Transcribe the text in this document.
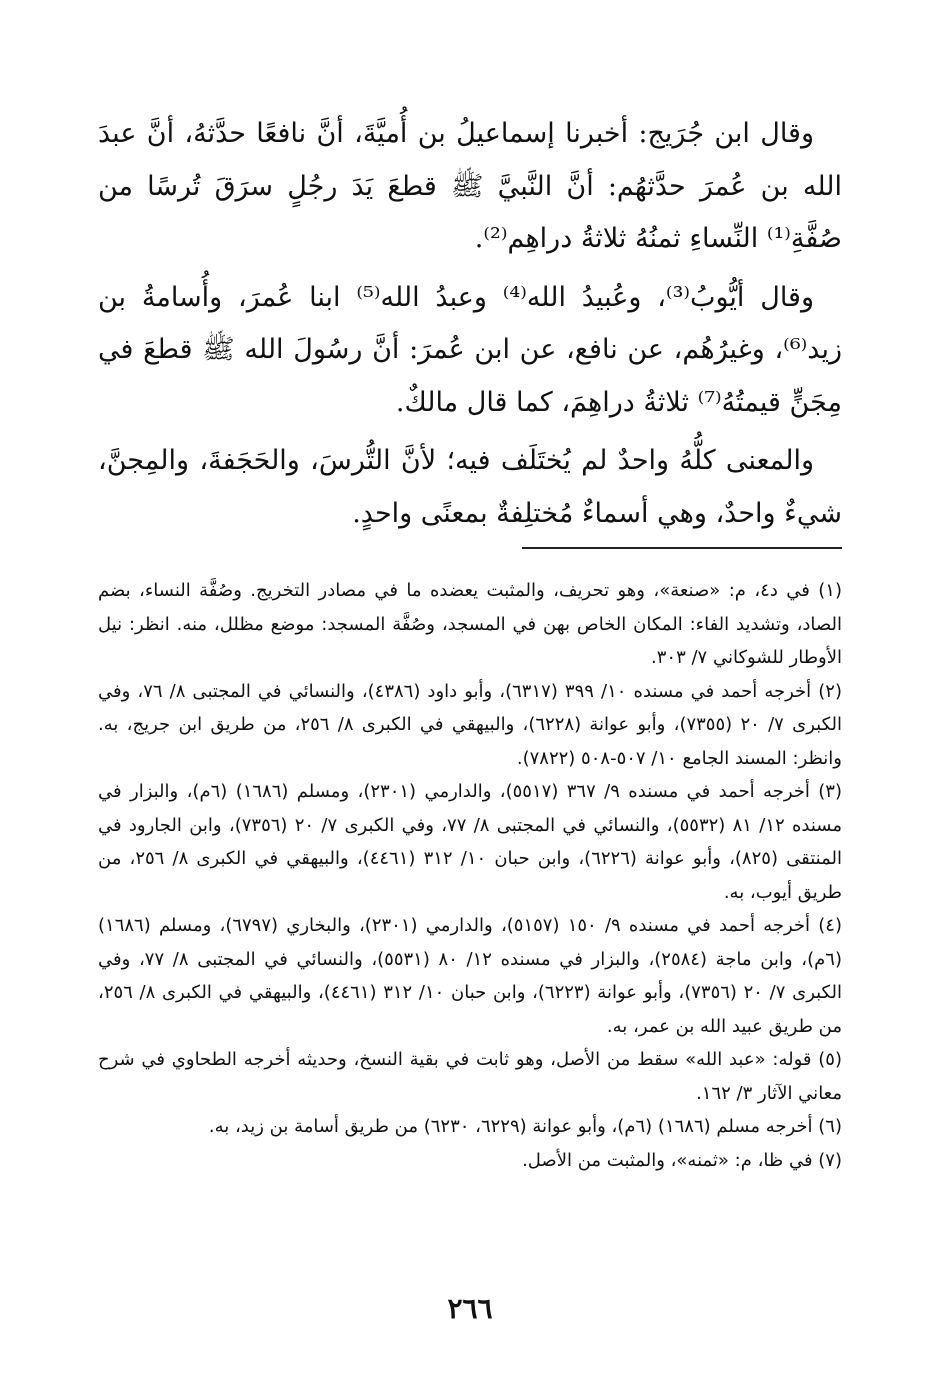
وقال ابن جُرَيج: أخبرنا إسماعيلُ بن أُميَّةَ، أنَّ نافعًا حدَّثهُ، أنَّ عبدَ الله بن عُمرَ حدَّثهُم: أنَّ النَّبيَّ ﷺ قطعَ يَدَ رجُلٍ سرَقَ تُرسًا من صُفَّةِ⁽¹⁾ النِّساءِ ثمنُهُ ثلاثةُ دراهِم⁽²⁾.

وقال أيُّوبُ⁽³⁾، وعُبيدُ الله⁽⁴⁾ وعبدُ الله⁽⁵⁾ ابنا عُمرَ، وأُسامةُ بن زيد⁽⁶⁾، وغيرُهُم، عن نافع، عن ابن عُمرَ: أنَّ رسُولَ الله ﷺ قطعَ في مِجَنٍّ قيمتُهُ⁽⁷⁾ ثلاثةُ دراهِمَ، كما قال مالكٌ.

والمعنى كلُّهُ واحدٌ لم يُختَلَف فيه؛ لأنَّ التُّرسَ، والحَجَفةَ، والمِجنَّ، شيءٌ واحدٌ، وهي أسماءٌ مُختلِفةٌ بمعنًى واحدٍ.

(١) في د٤، م: «صنعة»، وهو تحريف، والمثبت يعضده ما في مصادر التخريج. وصُفَّة النساء، بضم الصاد، وتشديد الفاء: المكان الخاص بهن في المسجد، وصُفَّة المسجد: موضع مظلل، منه. انظر: نيل الأوطار للشوكاني ٧/ ٣٠٣.

(٢) أخرجه أحمد في مسنده ١٠/ ٣٩٩ (٦٣١٧)، وأبو داود (٤٣٨٦)، والنسائي في المجتبى ٨/ ٧٦، وفي الكبرى ٧/ ٢٠ (٧٣٥٥)، وأبو عوانة (٦٢٢٨)، والبيهقي في الكبرى ٨/ ٢٥٦، من طريق ابن جريج، به. وانظر: المسند الجامع ١٠/ ٥٠٧-٥٠٨ (٧٨٢٢).

(٣) أخرجه أحمد في مسنده ٩/ ٣٦٧ (٥٥١٧)، والدارمي (٢٣٠١)، ومسلم (١٦٨٦) (٦م)، والبزار في مسنده ١٢/ ٨١ (٥٥٣٢)، والنسائي في المجتبى ٨/ ٧٧، وفي الكبرى ٧/ ٢٠ (٧٣٥٦)، وابن الجارود في المنتقى (٨٢٥)، وأبو عوانة (٦٢٢٦)، وابن حبان ١٠/ ٣١٢ (٤٤٦١)، والبيهقي في الكبرى ٨/ ٢٥٦، من طريق أيوب، به.

(٤) أخرجه أحمد في مسنده ٩/ ١٥٠ (٥١٥٧)، والدارمي (٢٣٠١)، والبخاري (٦٧٩٧)، ومسلم (١٦٨٦) (٦م)، وابن ماجة (٢٥٨٤)، والبزار في مسنده ١٢/ ٨٠ (٥٥٣١)، والنسائي في المجتبى ٨/ ٧٧، وفي الكبرى ٧/ ٢٠ (٧٣٥٦)، وأبو عوانة (٦٢٢٣)، وابن حبان ١٠/ ٣١٢ (٤٤٦١)، والبيهقي في الكبرى ٨/ ٢٥٦، من طريق عبيد الله بن عمر، به.

(٥) قوله: «عبد الله» سقط من الأصل، وهو ثابت في بقية النسخ، وحديثه أخرجه الطحاوي في شرح معاني الآثار ٣/ ١٦٢.

(٦) أخرجه مسلم (١٦٨٦) (٦م)، وأبو عوانة (٦٢٢٩، ٦٢٣٠) من طريق أسامة بن زيد، به.

(٧) في ظا، م: «ثمنه»، والمثبت من الأصل.

٢٦٦
